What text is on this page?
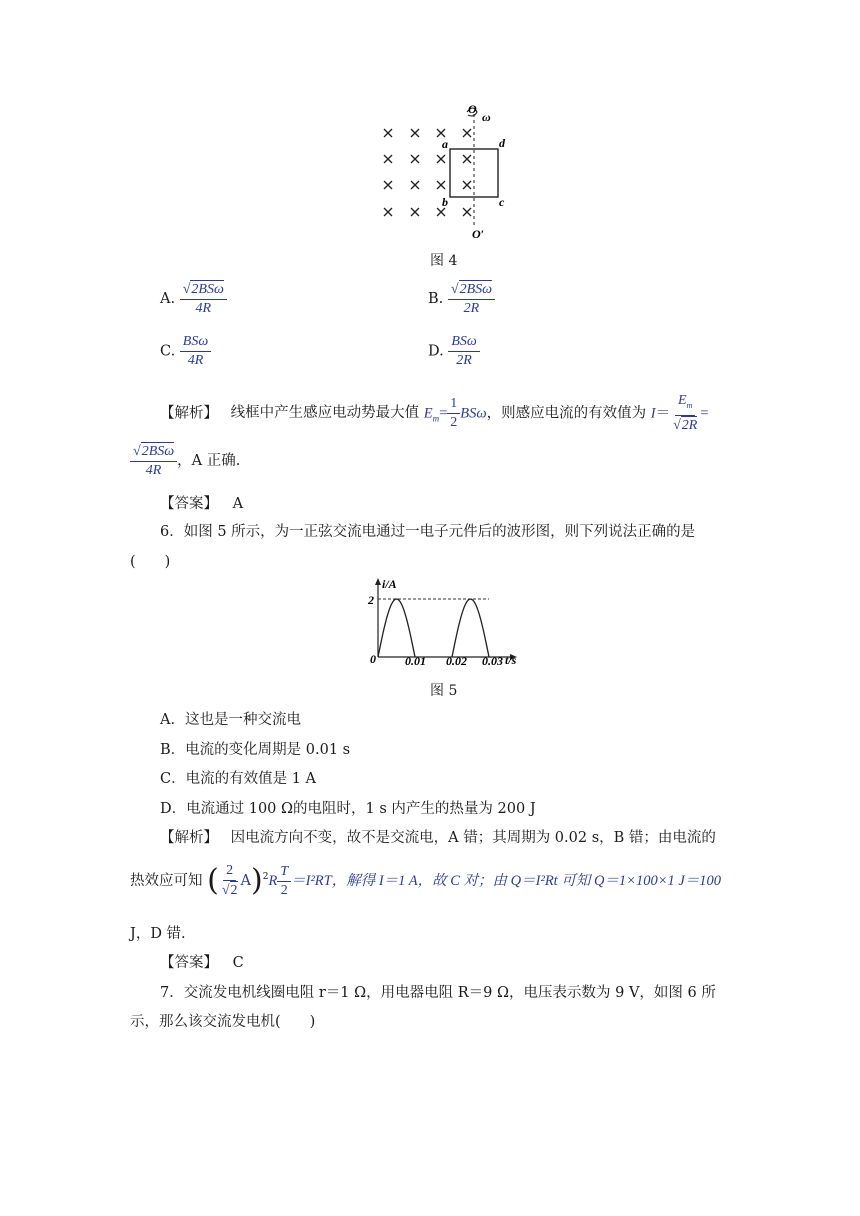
O
ω
a
b	c
d
O′
图 4
A. $\frac{\text{√2BSω}}{4R}$	B. $\frac{\text{√2BSω}}{2R}$
C. $\frac{\text{BSω}}{4R}$	D. $\frac{\text{BSω}}{2R}$
【解析】 线框中产生感应电动势最大值 $E_m= \frac{1}{2}$ BSω，则感应电流的有效值为 $I= \frac{E_m}{√2R}$ =
$\frac{\text{√2BSω}}{4R}$ ，A 正确.
【答案】 A
6．如图 5 所示，为一正弦交流电通过一电子元件后的波形图，则下列说法正确的是
(　　)
i/A
t/s
2
0 0.01 0.02 0.03
图 5
A．这也是一种交流电
B．电流的变化周期是 0.01 s
C．电流的有效值是 1 A
D．电流通过 100 Ω的电阻时，1 s 内产生的热量为 200 J
【解析】 因电流方向不变，故不是交流电，A 错；其周期为 0.02 s，B 错；由电流的
热效应可知 ( $\frac{2}{√2} A)^2R \frac{T}{2} =I^2RT$，解得 I＝1 A，故 C 对；由 Q＝I²Rt 可知 Q＝1×100×1 J＝100
J，D 错.
【答案】 C
7．交流发电机线圈电阻 r＝1 Ω，用电器电阻 R＝9 Ω，电压表示数为 9 V，如图 6 所
示，那么该交流发电机(　　)
